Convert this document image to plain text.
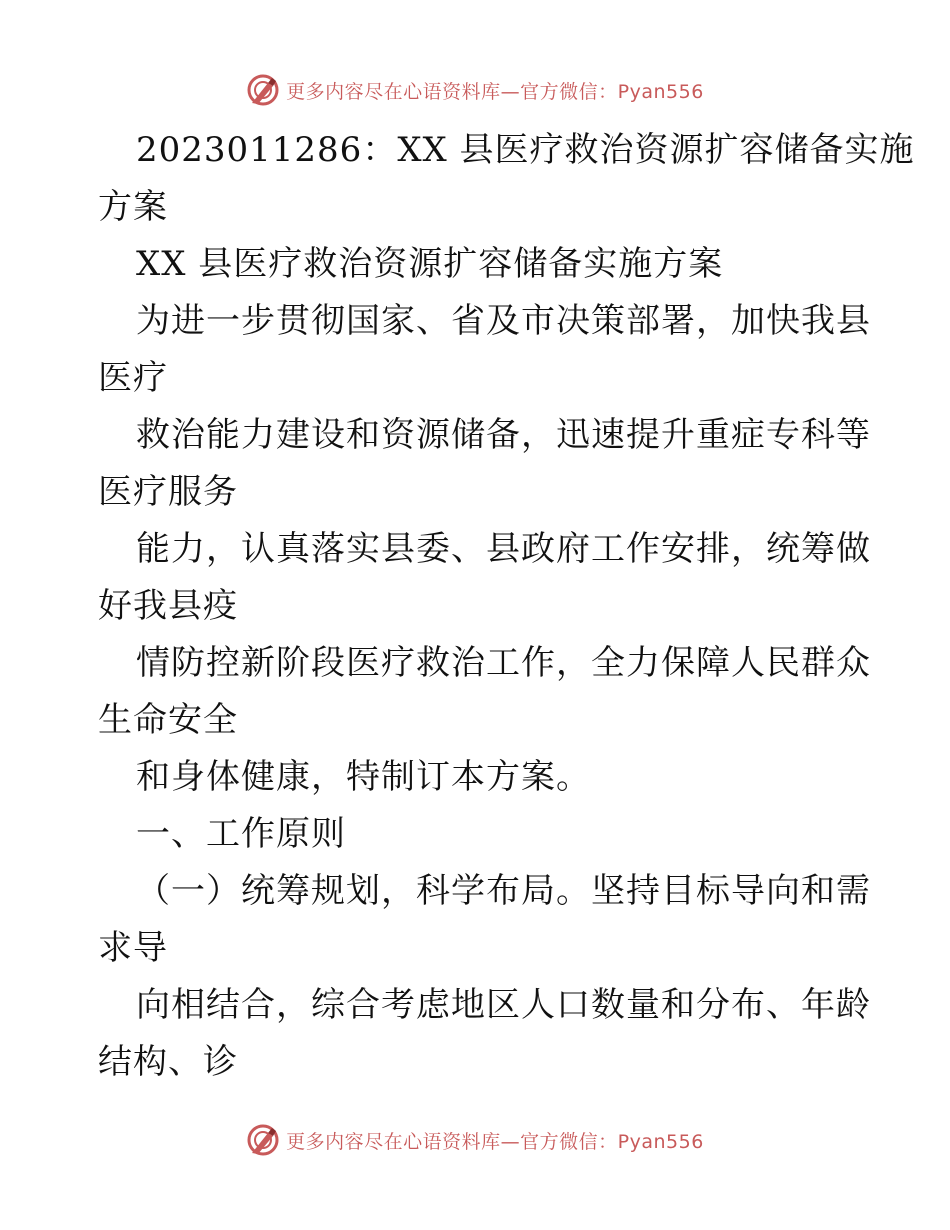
更多内容尽在心语资料库—官方微信：Pyan556
2023011286：XX 县医疗救治资源扩容储备实施
方案
XX 县医疗救治资源扩容储备实施方案
为进一步贯彻国家、省及市决策部署，加快我县
医疗
救治能力建设和资源储备，迅速提升重症专科等
医疗服务
能力，认真落实县委、县政府工作安排，统筹做
好我县疫
情防控新阶段医疗救治工作，全力保障人民群众
生命安全
和身体健康，特制订本方案。
一、工作原则
（一）统筹规划，科学布局。坚持目标导向和需
求导
向相结合，综合考虑地区人口数量和分布、年龄
结构、诊
更多内容尽在心语资料库—官方微信：Pyan556
